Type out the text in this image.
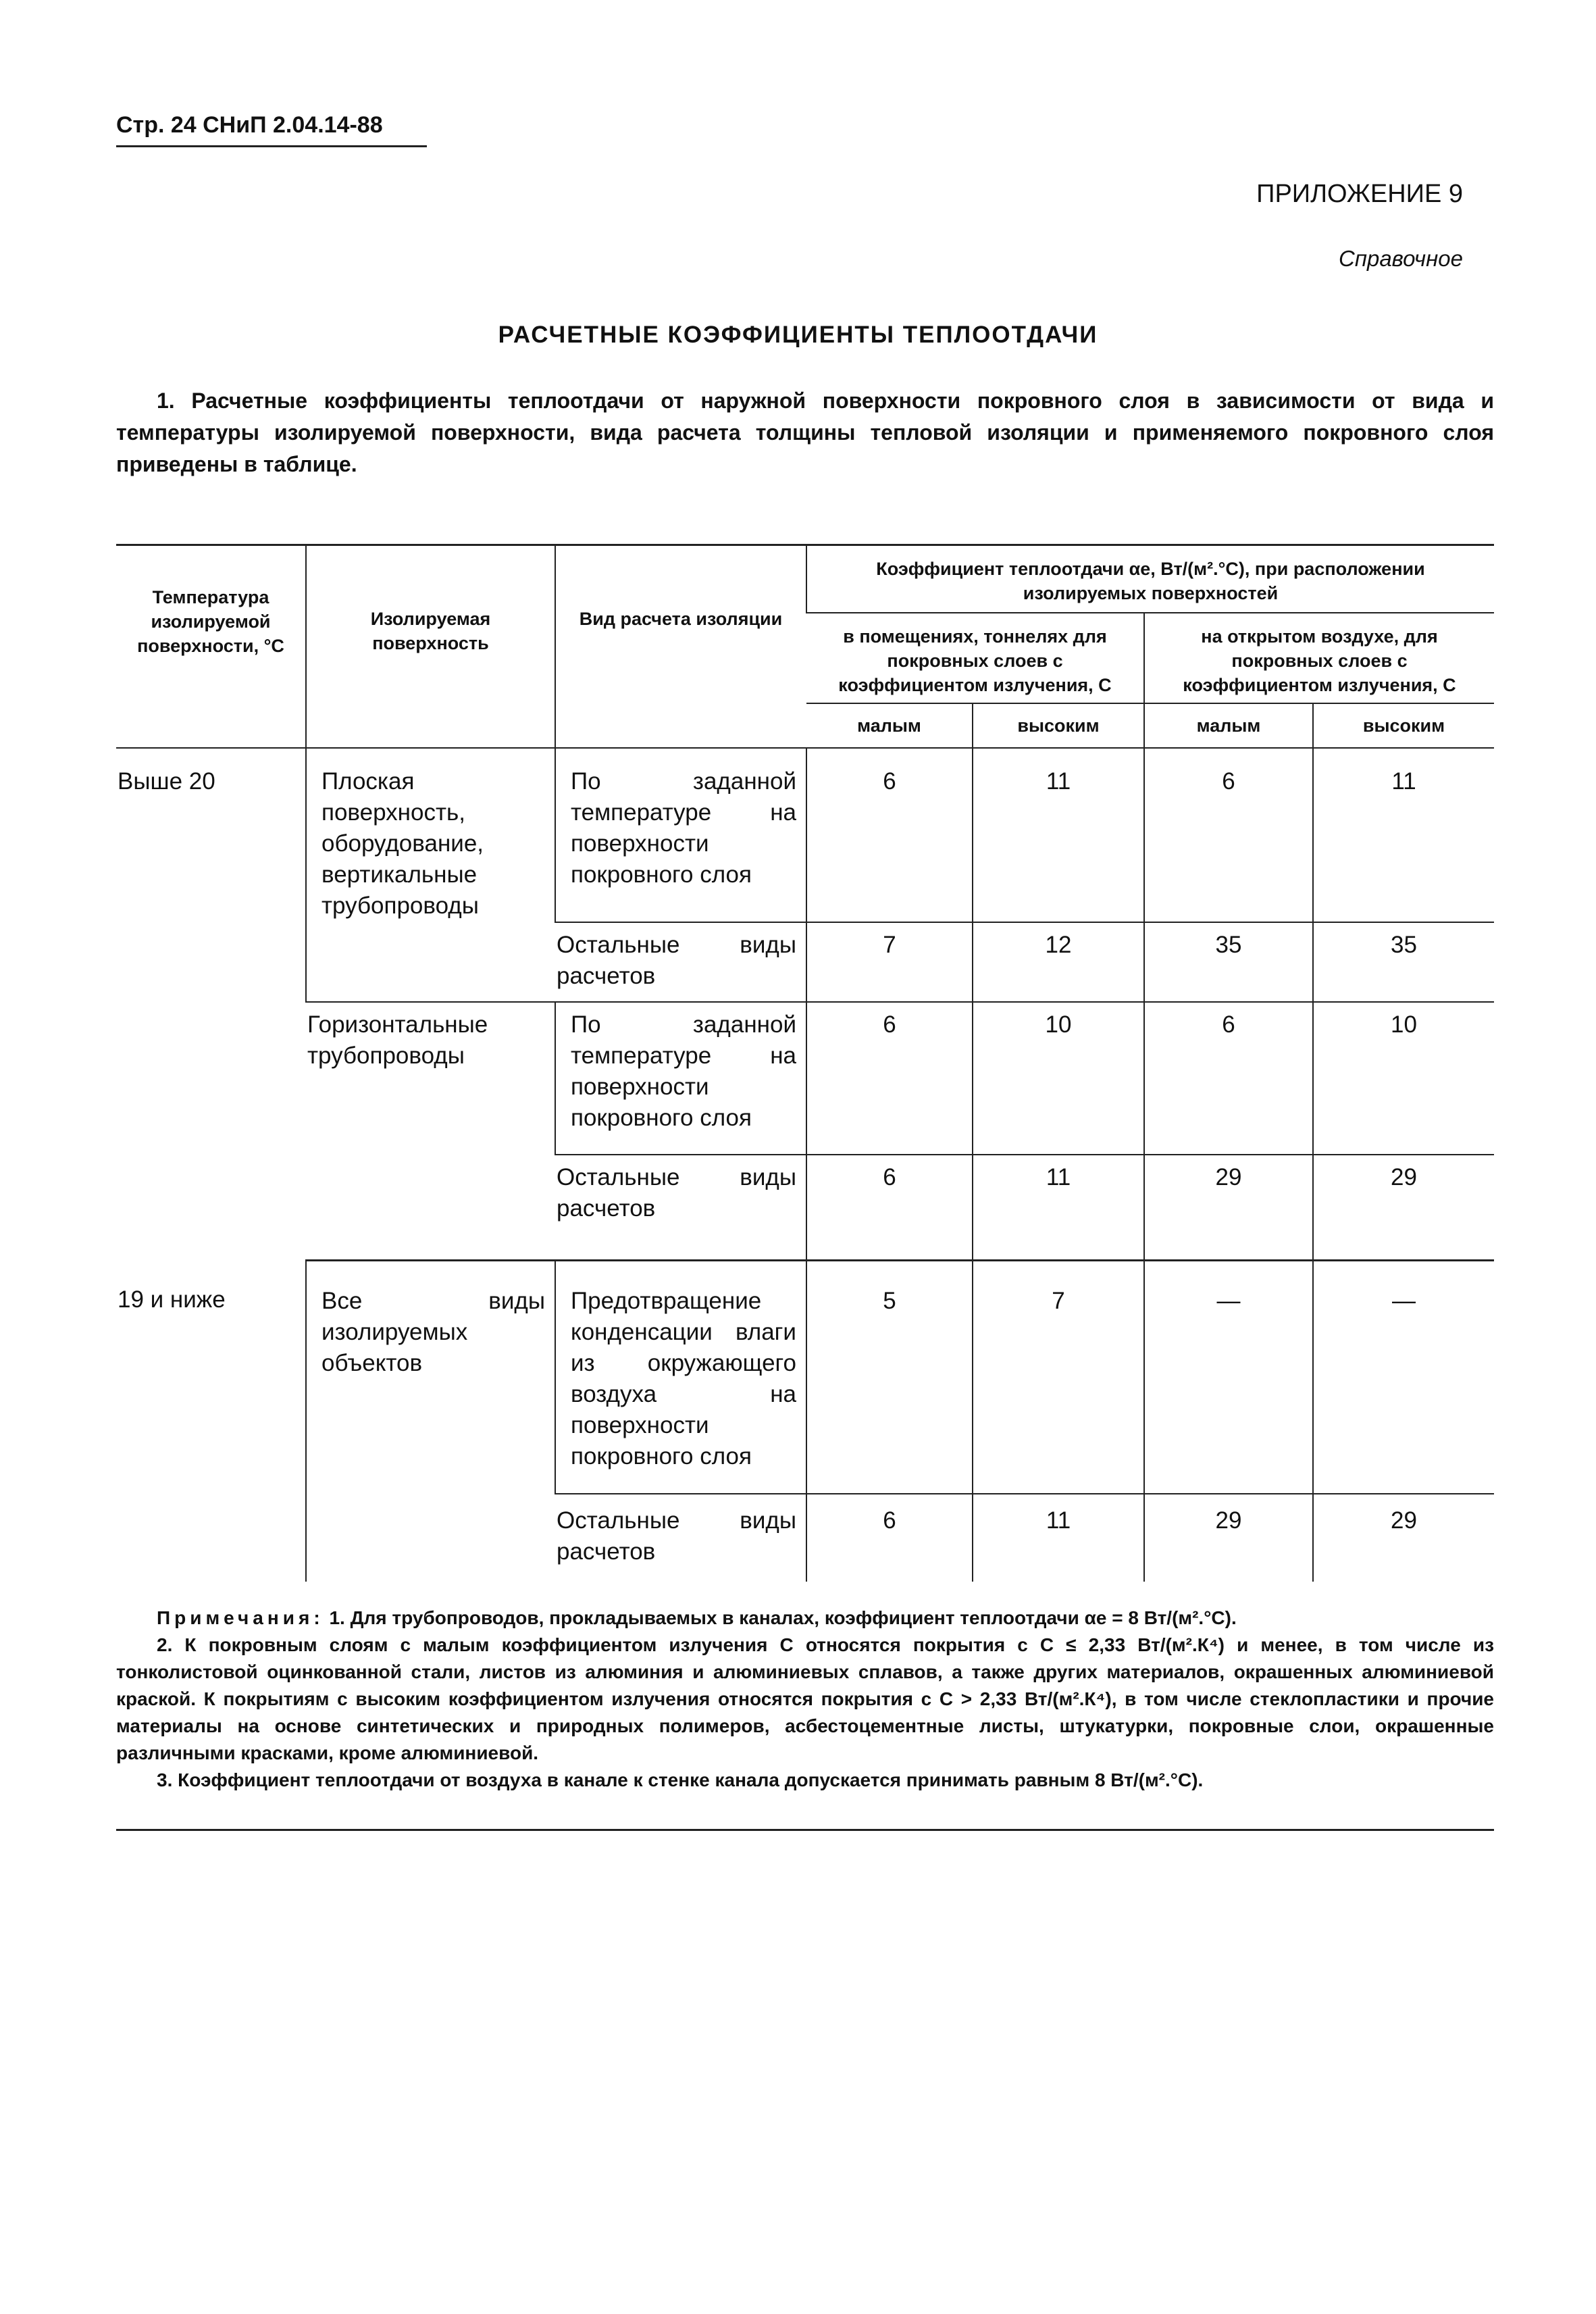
Стр. 24 СНиП 2.04.14-88
ПРИЛОЖЕНИЕ 9
Справочное
РАСЧЕТНЫЕ КОЭФФИЦИЕНТЫ ТЕПЛООТДАЧИ
1. Расчетные коэффициенты теплоотдачи от наружной поверхности покровного слоя в зависимости от вида и температуры изолируемой поверхности, вида расчета толщины тепловой изоляции и применяемого покровного слоя приведены в таблице.
Температура изолируемой поверхности, °С	Изолируемая поверхность	Вид расчета изоляции	Коэффициент теплоотдачи αе, Вт/(м².°С), при расположении изолируемых поверхностей			
			в помещениях, тоннелях для покровных слоев с коэффициентом излучения, С		на открытом воздухе, для покровных слоев с коэффициентом излучения, С	
			малым	высоким	малым	высоким
Выше 20	Плоская поверхность, оборудование, вертикальные трубопроводы	По заданной температуре на поверхности покровного слоя	6	11	6	11
		Остальные виды расчетов	7	12	35	35
	Горизонтальные трубопроводы	По заданной температуре на поверхности покровного слоя	6	10	6	10
		Остальные виды расчетов	6	11	29	29
19 и ниже	Все виды изолируемых объектов	Предотвращение конденсации влаги из окружающего воздуха на поверхности покровного слоя	5	7	—	—
		Остальные виды расчетов	6	11	29	29

Примечания: 1. Для трубопроводов, прокладываемых в каналах, коэффициент теплоотдачи αе = 8 Вт/(м².°С).

2. К покровным слоям с малым коэффициентом излучения С относятся покрытия с С ≤ 2,33 Вт/(м².К⁴) и менее, в том числе из тонколистовой оцинкованной стали, листов из алюминия и алюминиевых сплавов, а также других материалов, окрашенных алюминиевой краской. К покрытиям с высоким коэффициентом излучения относятся покрытия с С > 2,33 Вт/(м².К⁴), в том числе стеклопластики и прочие материалы на основе синтетических и природных полимеров, асбестоцементные листы, штукатурки, покровные слои, окрашенные различными красками, кроме алюминиевой.

3. Коэффициент теплоотдачи от воздуха в канале к стенке канала допускается принимать равным 8 Вт/(м².°С).
